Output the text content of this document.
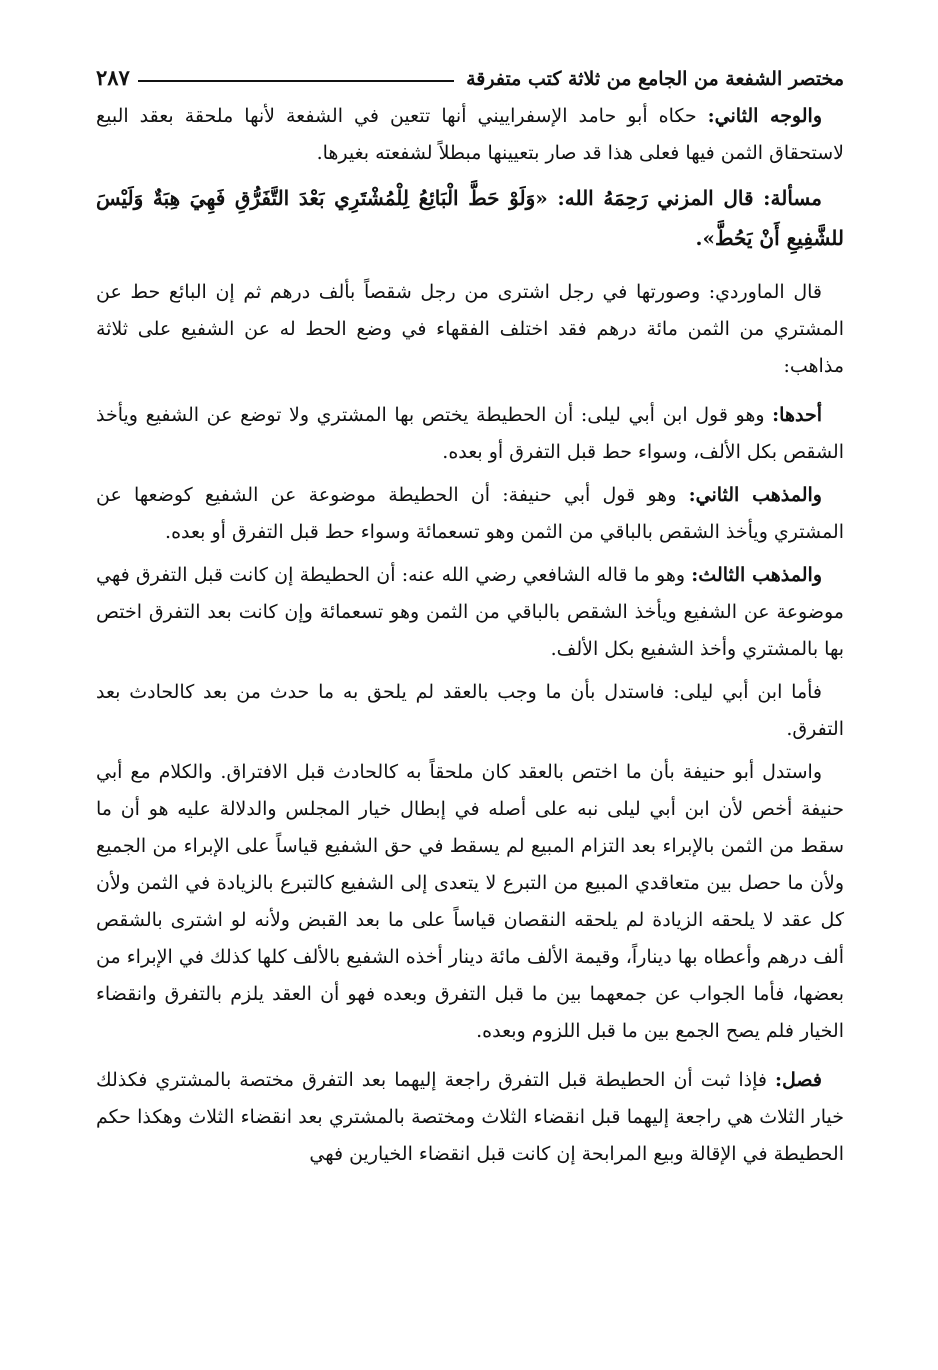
مختصر الشفعة من الجامع من ثلاثة كتب متفرقة
٢٨٧

والوجه الثاني: حكاه أبو حامد الإسفراييني أنها تتعين في الشفعة لأنها ملحقة بعقد البيع لاستحقاق الثمن فيها فعلى هذا قد صار بتعيينها مبطلاً لشفعته بغيرها.

مسألة: قال المزني رَحِمَهُ الله: «وَلَوْ حَطَّ الْبَائِعُ لِلْمُشْتَرِي بَعْدَ التَّفَرُّقِ فَهِيَ هِبَةٌ وَلَيْسَ للشَّفِيعِ أَنْ يَحُطَّ».

قال الماوردي: وصورتها في رجل اشترى من رجل شقصاً بألف درهم ثم إن البائع حط عن المشتري من الثمن مائة درهم فقد اختلف الفقهاء في وضع الحط له عن الشفيع على ثلاثة مذاهب:

أحدها: وهو قول ابن أبي ليلى: أن الحطيطة يختص بها المشتري ولا توضع عن الشفيع ويأخذ الشقص بكل الألف، وسواء حط قبل التفرق أو بعده.

والمذهب الثاني: وهو قول أبي حنيفة: أن الحطيطة موضوعة عن الشفيع كوضعها عن المشتري ويأخذ الشقص بالباقي من الثمن وهو تسعمائة وسواء حط قبل التفرق أو بعده.

والمذهب الثالث: وهو ما قاله الشافعي رضي الله عنه: أن الحطيطة إن كانت قبل التفرق فهي موضوعة عن الشفيع ويأخذ الشقص بالباقي من الثمن وهو تسعمائة وإن كانت بعد التفرق اختص بها بالمشتري وأخذ الشفيع بكل الألف.

فأما ابن أبي ليلى: فاستدل بأن ما وجب بالعقد لم يلحق به ما حدث من بعد كالحادث بعد التفرق.

واستدل أبو حنيفة بأن ما اختص بالعقد كان ملحقاً به كالحادث قبل الافتراق. والكلام مع أبي حنيفة أخص لأن ابن أبي ليلى نبه على أصله في إبطال خيار المجلس والدلالة عليه هو أن ما سقط من الثمن بالإبراء بعد التزام المبيع لم يسقط في حق الشفيع قياساً على الإبراء من الجميع ولأن ما حصل بين متعاقدي المبيع من التبرع لا يتعدى إلى الشفيع كالتبرع بالزيادة في الثمن ولأن كل عقد لا يلحقه الزيادة لم يلحقه النقصان قياساً على ما بعد القبض ولأنه لو اشترى بالشقص ألف درهم وأعطاه بها ديناراً، وقيمة الألف مائة دينار أخذه الشفيع بالألف كلها كذلك في الإبراء من بعضها، فأما الجواب عن جمعهما بين ما قبل التفرق وبعده فهو أن العقد يلزم بالتفرق وانقضاء الخيار فلم يصح الجمع بين ما قبل اللزوم وبعده.

فصل: فإذا ثبت أن الحطيطة قبل التفرق راجعة إليهما بعد التفرق مختصة بالمشتري فكذلك خيار الثلاث هي راجعة إليهما قبل انقضاء الثلاث ومختصة بالمشتري بعد انقضاء الثلاث وهكذا حكم الحطيطة في الإقالة وبيع المرابحة إن كانت قبل انقضاء الخيارين فهي
